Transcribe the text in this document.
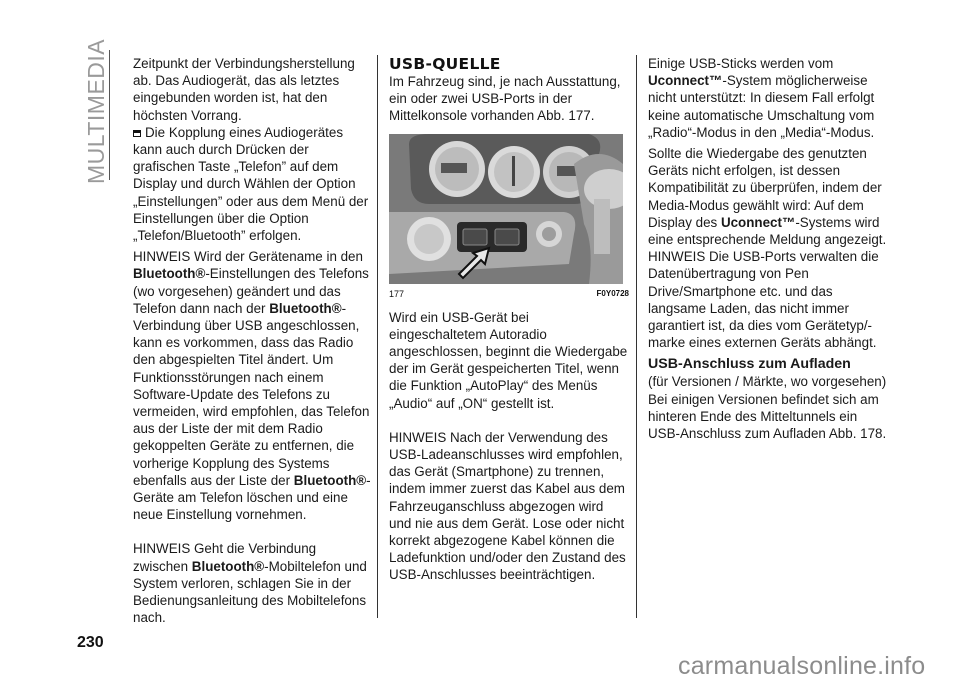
MULTIMEDIA Zeitpunkt der Verbindungsherstellung ab. Das Audiogerät, das als letztes eingebunden worden ist, hat den höchsten Vorrang.

Die Kopplung eines Audiogerätes kann auch durch Drücken der grafischen Taste „Telefon” auf dem Display und durch Wählen der Option „Einstellungen” oder aus dem Menü der Einstellungen über die Option „Telefon/Bluetooth” erfolgen.

HINWEIS Wird der Gerätename in den Bluetooth®-Einstellungen des Telefons (wo vorgesehen) geändert und das Telefon dann nach der Bluetooth®-Verbindung über USB angeschlossen, kann es vorkommen, dass das Radio den abgespielten Titel ändert. Um Funktionsstörungen nach einem Software-Update des Telefons zu vermeiden, wird empfohlen, das Telefon aus der Liste der mit dem Radio gekoppelten Geräte zu entfernen, die vorherige Kopplung des Systems ebenfalls aus der Liste der Bluetooth®-Geräte am Telefon löschen und eine neue Einstellung vornehmen.

HINWEIS Geht die Verbindung zwischen Bluetooth®-Mobiltelefon und System verloren, schlagen Sie in der Bedienungsanleitung des Mobiltelefons nach.

USB-QUELLE

Im Fahrzeug sind, je nach Ausstattung, ein oder zwei USB-Ports in der Mittelkonsole vorhanden Abb. 177.

177	F0Y0728

Wird ein USB-Gerät bei eingeschaltetem Autoradio angeschlossen, beginnt die Wiedergabe der im Gerät gespeicherten Titel, wenn die Funktion „AutoPlay“ des Menüs „Audio“ auf „ON“ gestellt ist.

HINWEIS Nach der Verwendung des USB-Ladeanschlusses wird empfohlen, das Gerät (Smartphone) zu trennen, indem immer zuerst das Kabel aus dem Fahrzeuganschluss abgezogen wird und nie aus dem Gerät. Lose oder nicht korrekt abgezogene Kabel können die Ladefunktion und/oder den Zustand des USB-Anschlusses beeinträchtigen.

Einige USB-Sticks werden vom Uconnect™-System möglicherweise nicht unterstützt: In diesem Fall erfolgt keine automatische Umschaltung vom „Radio“-Modus in den „Media“-Modus.

Sollte die Wiedergabe des genutzten Geräts nicht erfolgen, ist dessen Kompatibilität zu überprüfen, indem der Media-Modus gewählt wird: Auf dem Display des Uconnect™-Systems wird eine entsprechende Meldung angezeigt.

HINWEIS Die USB-Ports verwalten die Datenübertragung von Pen Drive/Smartphone etc. und das langsame Laden, das nicht immer garantiert ist, da dies vom Gerätetyp/-marke eines externen Geräts abhängt.

USB-Anschluss zum Aufladen

(für Versionen / Märkte, wo vorgesehen)

Bei einigen Versionen befindet sich am hinteren Ende des Mitteltunnels ein USB-Anschluss zum Aufladen Abb. 178.

230
carmanualsonline.info
